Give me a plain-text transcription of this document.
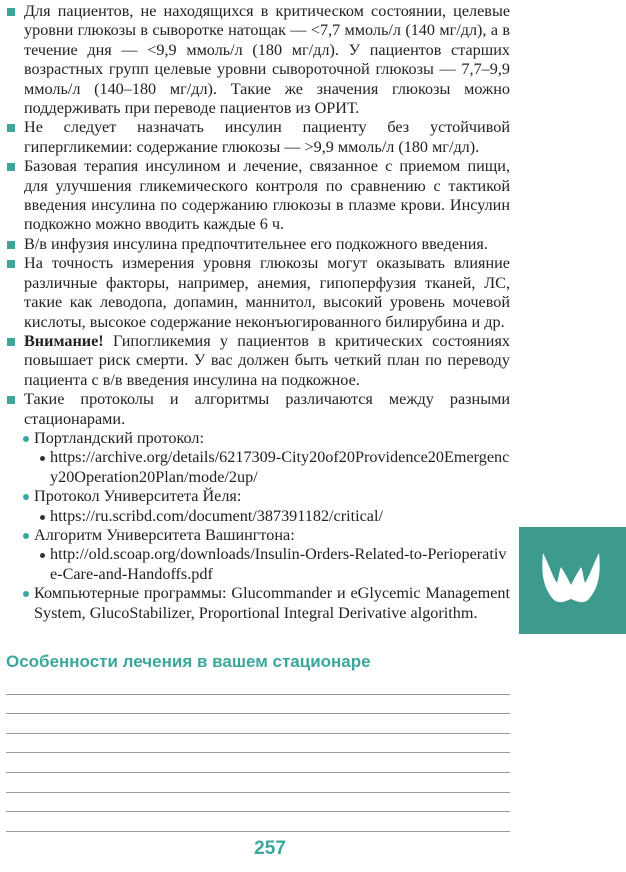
Для пациентов, не находящихся в критическом состоянии, целевые уровни глюкозы в сыворотке натощак — <7,7 ммоль/л (140 мг/дл), а в течение дня — <9,9 ммоль/л (180 мг/дл). У пациентов старших возрастных групп целевые уровни сывороточной глюкозы — 7,7–9,9 ммоль/л (140–180 мг/дл). Такие же значения глюкозы можно поддерживать при переводе пациентов из ОРИТ.

Не следует назначать инсулин пациенту без устойчивой гипергликемии: содержание глюкозы — >9,9 ммоль/л (180 мг/дл).

Базовая терапия инсулином и лечение, связанное с приемом пищи, для улучшения гликемического контроля по сравнению с тактикой введения инсулина по содержанию глюкозы в плазме крови. Инсулин подкожно можно вводить каждые 6 ч.

В/в инфузия инсулина предпочтительнее его подкожного введения.

На точность измерения уровня глюкозы могут оказывать влияние различные факторы, например, анемия, гипоперфузия тканей, ЛС, такие как леводопа, допамин, маннитол, высокий уровень мочевой кислоты, высокое содержание неконъюгированного билирубина и др.

Внимание! Гипогликемия у пациентов в критических состояниях повышает риск смерти. У вас должен быть четкий план по переводу пациента с в/в введения инсулина на подкожное.

Такие протоколы и алгоритмы различаются между разными стационарами.

Портландский протокол:

https://archive.org/details/6217309-City20of20Providence20Emergency20Operation20Plan/mode/2up/

Протокол Университета Йеля:

https://ru.scribd.com/document/387391182/critical/

Алгоритм Университета Вашингтона:

http://old.scoap.org/downloads/Insulin-Orders-Related-to-Perioperative-Care-and-Handoffs.pdf

Компьютерные программы: Glucommander и eGlycemic Management System, GlucoStabilizer, Proportional Integral Derivative algorithm.

Особенности лечения в вашем стационаре
257
